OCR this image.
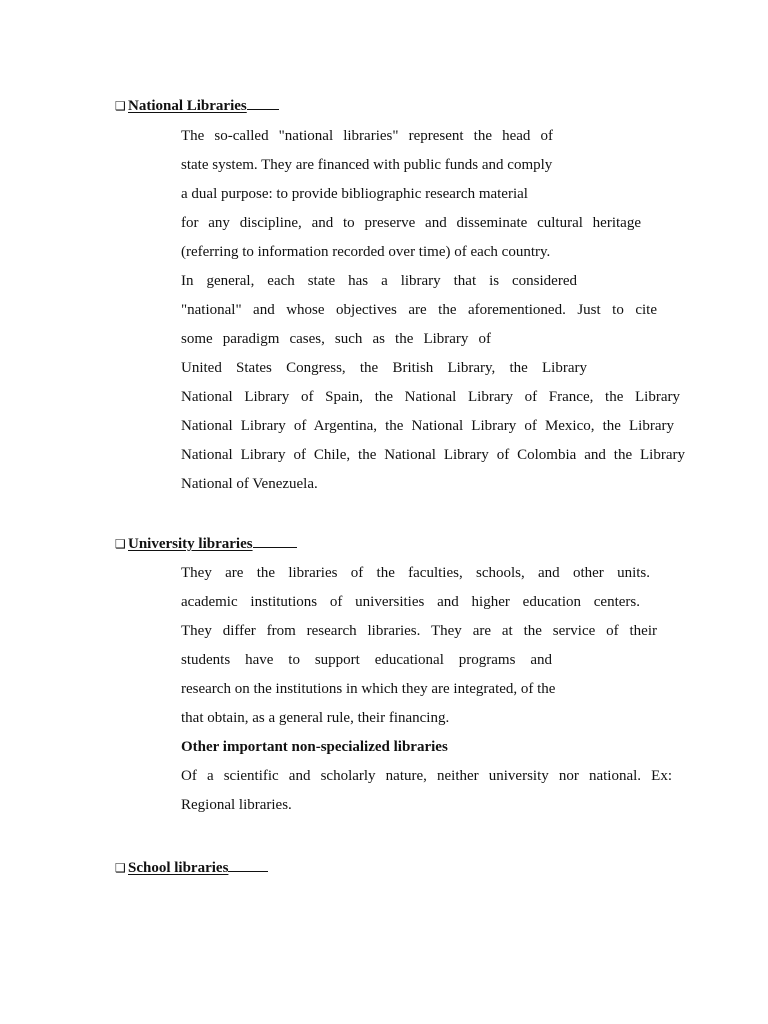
❑ National Libraries
The so-called "national libraries" represent the head of
state system. They are financed with public funds and comply
a dual purpose: to provide bibliographic research material
for any discipline, and to preserve and disseminate cultural heritage
(referring to information recorded over time) of each country.
In general, each state has a library that is considered
"national" and whose objectives are the aforementioned. Just to cite
some paradigm cases, such as the Library of
United States Congress, the British Library, the Library
National Library of Spain, the National Library of France, the Library
National Library of Argentina, the National Library of Mexico, the Library
National Library of Chile, the National Library of Colombia and the Library
National of Venezuela.
❑ University libraries
They are the libraries of the faculties, schools, and other units.
academic institutions of universities and higher education centers.
They differ from research libraries. They are at the service of their
students have to support educational programs and
research on the institutions in which they are integrated, of the
that obtain, as a general rule, their financing.
Other important non-specialized libraries
Of a scientific and scholarly nature, neither university nor national. Ex:
Regional libraries.
❑ School libraries
